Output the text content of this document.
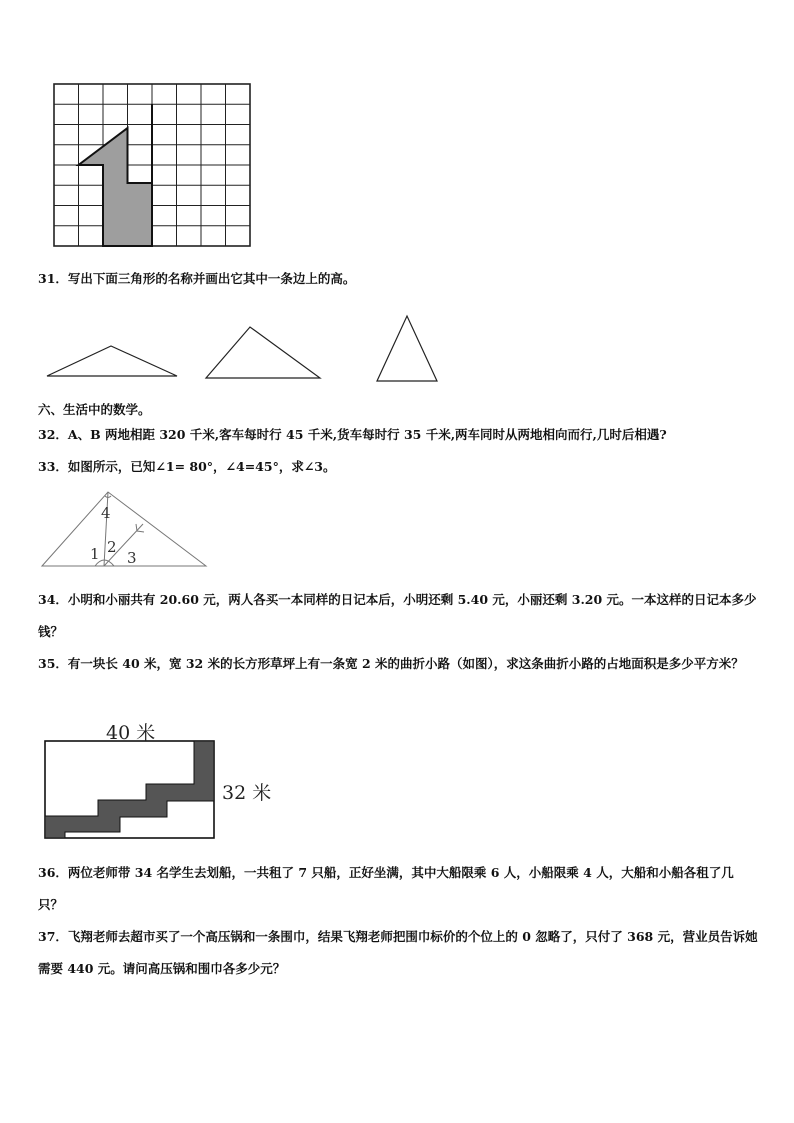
31．写出下面三角形的名称并画出它其中一条边上的高。
六、生活中的数学。
32．A、B 两地相距 320 千米,客车每时行 45 千米,货车每时行 35 千米,两车同时从两地相向而行,几时后相遇?
33．如图所示，已知∠1= 80°，∠4=45°，求∠3。
4
1 2
3
34．小明和小丽共有 20.60 元，两人各买一本同样的日记本后，小明还剩 5.40 元，小丽还剩 3.20 元。一本这样的日记本多少钱？
35．有一块长 40 米，宽 32 米的长方形草坪上有一条宽 2 米的曲折小路（如图），求这条曲折小路的占地面积是多少平方米？
40 米
32 米
36．两位老师带 34 名学生去划船，一共租了 7 只船，正好坐满，其中大船限乘 6 人，小船限乘 4 人，大船和小船各租了几只？
37．飞翔老师去超市买了一个高压锅和一条围巾，结果飞翔老师把围巾标价的个位上的 0 忽略了，只付了 368 元，营业员告诉她需要 440 元。请问高压锅和围巾各多少元？
